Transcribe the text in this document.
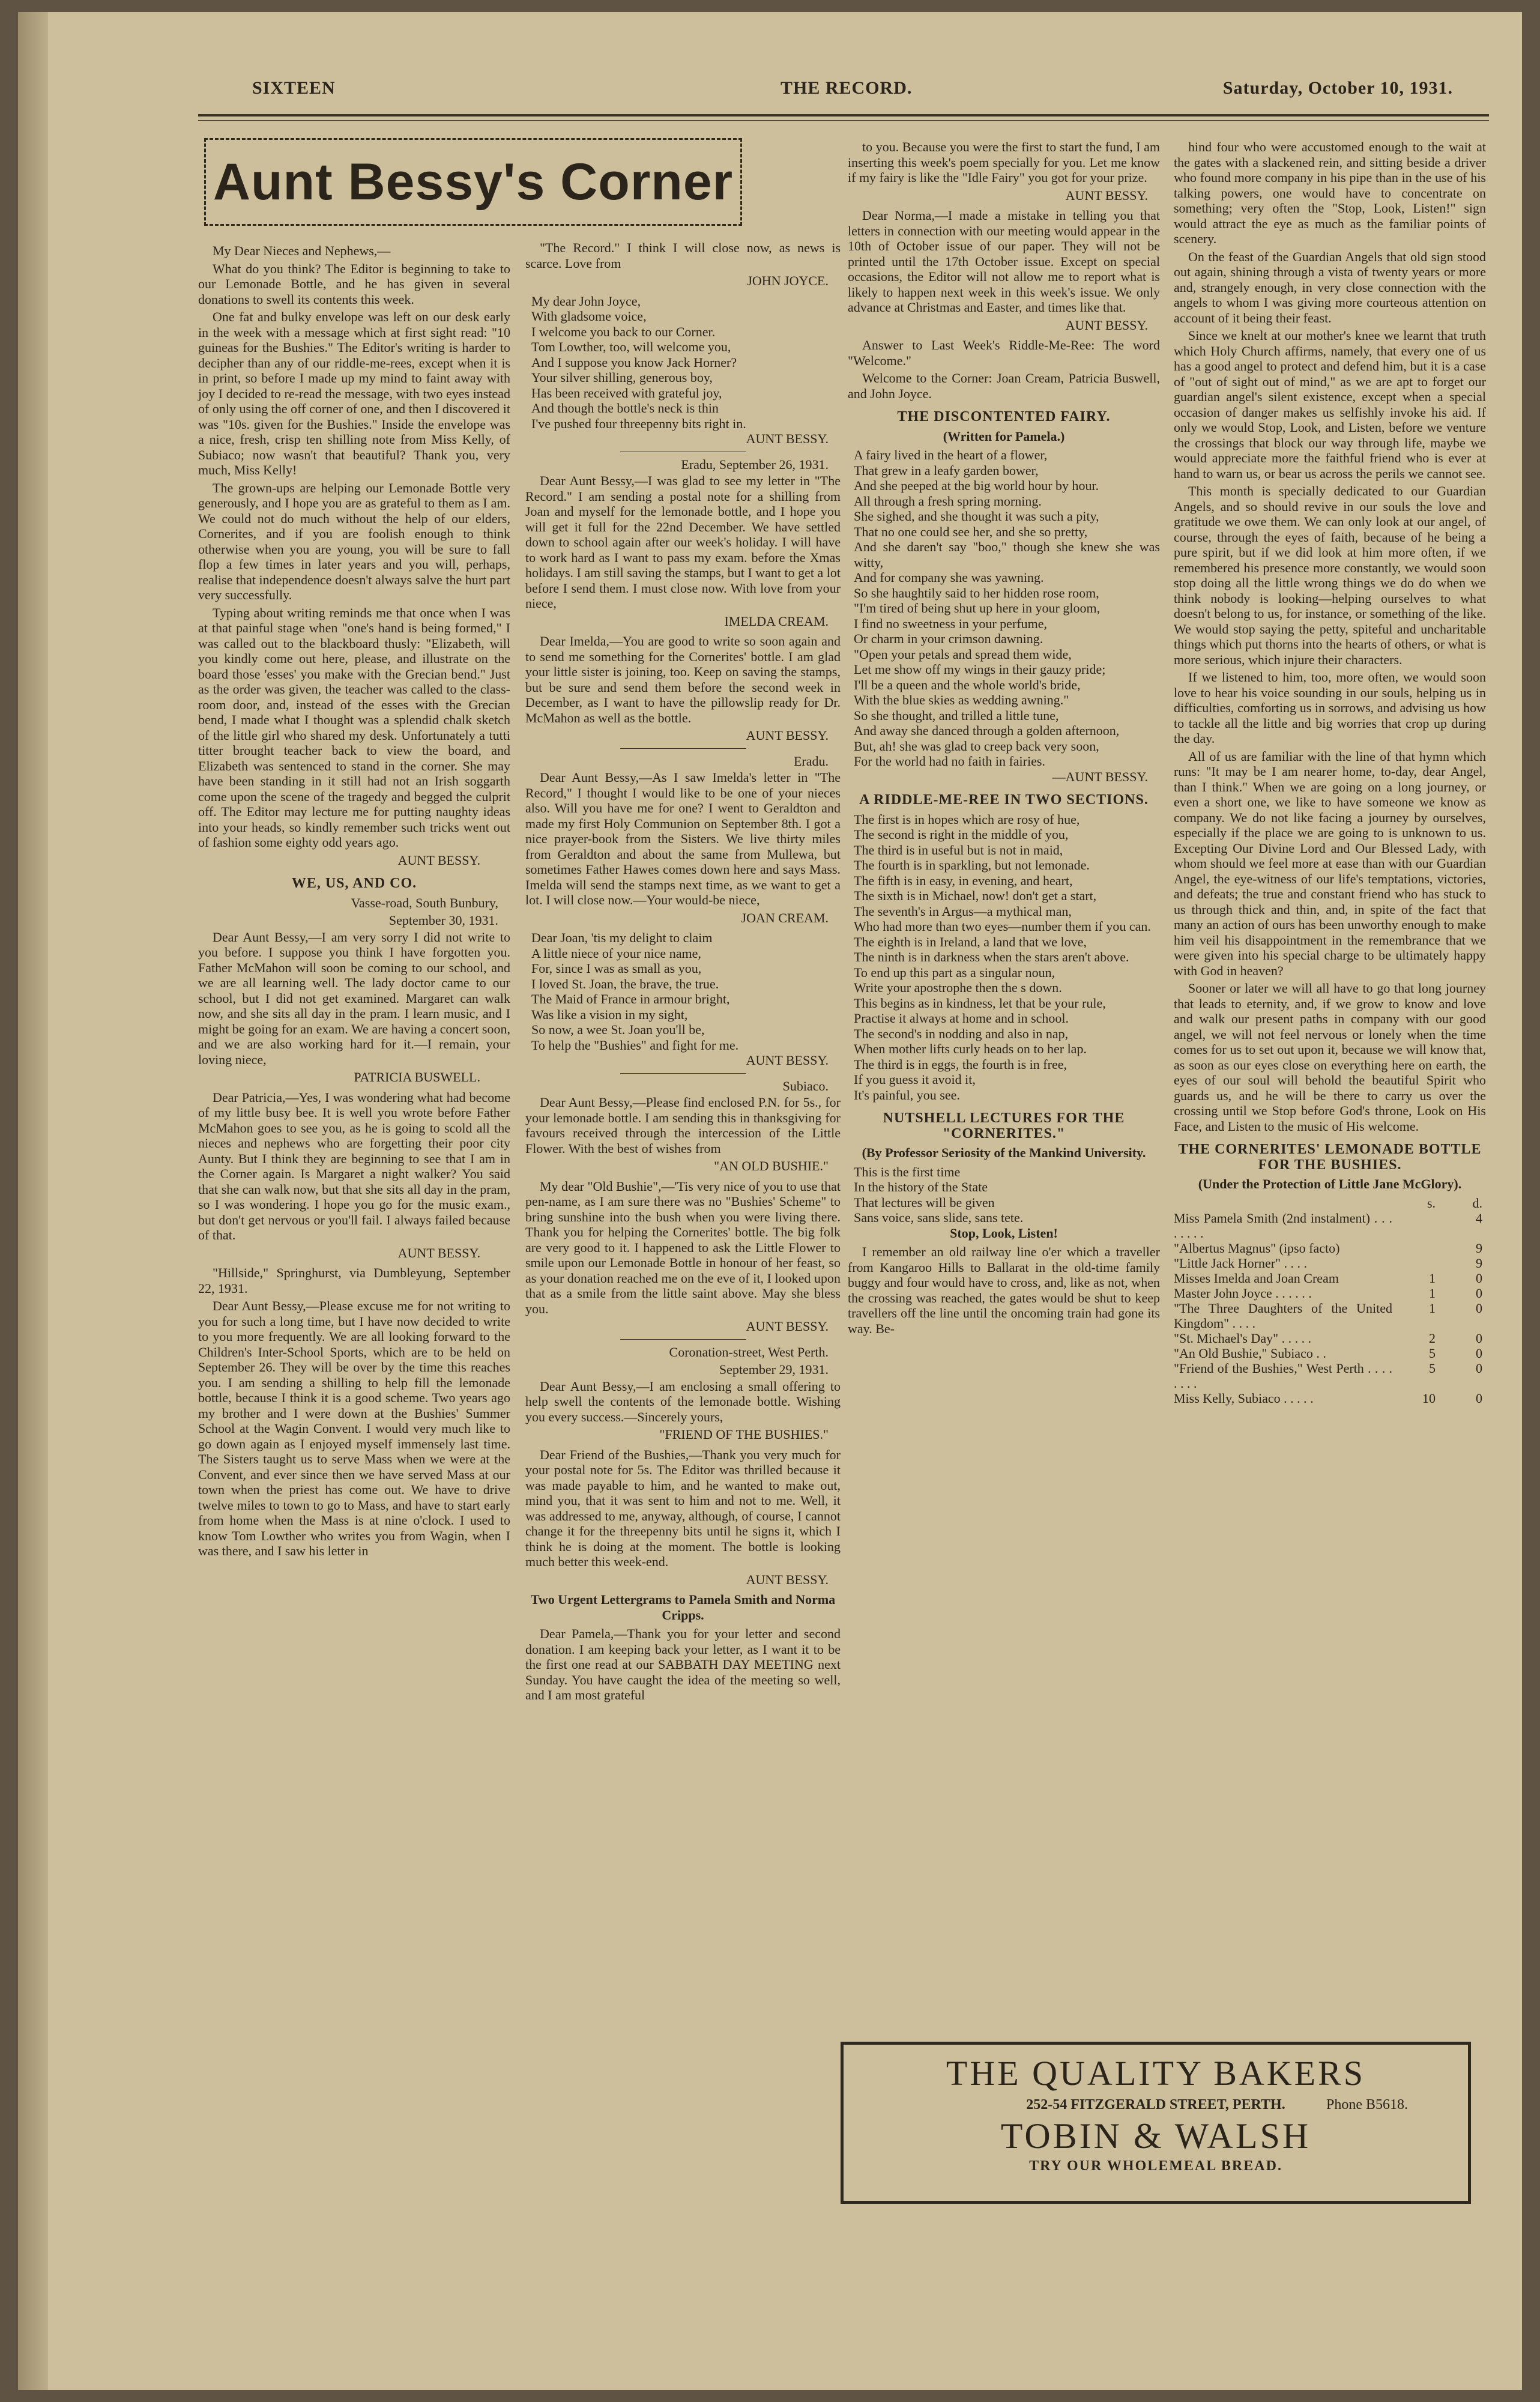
SIXTEEN	THE RECORD.	Saturday, October 10, 1931.
Aunt Bessy's Corner

My Dear Nieces and Nephews,—

What do you think? The Editor is beginning to take to our Lemonade Bottle, and he has given in several donations to swell its contents this week.

One fat and bulky envelope was left on our desk early in the week with a message which at first sight read: "10 guineas for the Bushies." The Editor's writing is harder to decipher than any of our riddle-me-rees, except when it is in print, so before I made up my mind to faint away with joy I decided to re-read the message, with two eyes instead of only using the off corner of one, and then I discovered it was "10s. given for the Bushies." Inside the envelope was a nice, fresh, crisp ten shilling note from Miss Kelly, of Subiaco; now wasn't that beautiful? Thank you, very much, Miss Kelly!

The grown-ups are helping our Lemonade Bottle very generously, and I hope you are as grateful to them as I am. We could not do much without the help of our elders, Cornerites, and if you are foolish enough to think otherwise when you are young, you will be sure to fall flop a few times in later years and you will, perhaps, realise that independence doesn't always salve the hurt part very successfully.

Typing about writing reminds me that once when I was at that painful stage when "one's hand is being formed," I was called out to the blackboard thusly: "Elizabeth, will you kindly come out here, please, and illustrate on the board those 'esses' you make with the Grecian bend." Just as the order was given, the teacher was called to the class-room door, and, instead of the esses with the Grecian bend, I made what I thought was a splendid chalk sketch of the little girl who shared my desk. Unfortunately a tutti titter brought teacher back to view the board, and Elizabeth was sentenced to stand in the corner. She may have been standing in it still had not an Irish soggarth come upon the scene of the tragedy and begged the culprit off. The Editor may lecture me for putting naughty ideas into your heads, so kindly remember such tricks went out of fashion some eighty odd years ago.

AUNT BESSY.

WE, US, AND CO.

Vasse-road, South Bunbury,

September 30, 1931.

Dear Aunt Bessy,—I am very sorry I did not write to you before. I suppose you think I have forgotten you. Father McMahon will soon be coming to our school, and we are all learning well. The lady doctor came to our school, but I did not get examined. Margaret can walk now, and she sits all day in the pram. I learn music, and I might be going for an exam. We are having a concert soon, and we are also working hard for it.—I remain, your loving niece,

PATRICIA BUSWELL.

Dear Patricia,—Yes, I was wondering what had become of my little busy bee. It is well you wrote before Father McMahon goes to see you, as he is going to scold all the nieces and nephews who are forgetting their poor city Aunty. But I think they are beginning to see that I am in the Corner again. Is Margaret a night walker? You said that she can walk now, but that she sits all day in the pram, so I was wondering. I hope you go for the music exam., but don't get nervous or you'll fail. I always failed because of that.

AUNT BESSY.

"Hillside," Springhurst, via Dumbleyung, September 22, 1931.

Dear Aunt Bessy,—Please excuse me for not writing to you for such a long time, but I have now decided to write to you more frequently. We are all looking forward to the Children's Inter-School Sports, which are to be held on September 26. They will be over by the time this reaches you. I am sending a shilling to help fill the lemonade bottle, because I think it is a good scheme. Two years ago my brother and I were down at the Bushies' Summer School at the Wagin Convent. I would very much like to go down again as I enjoyed myself immensely last time. The Sisters taught us to serve Mass when we were at the Convent, and ever since then we have served Mass at our town when the priest has come out. We have to drive twelve miles to town to go to Mass, and have to start early from home when the Mass is at nine o'clock. I used to know Tom Lowther who writes you from Wagin, when I was there, and I saw his letter in

"The Record." I think I will close now, as news is scarce. Love from

JOHN JOYCE.

My dear John Joyce,

With gladsome voice,

I welcome you back to our Corner.

Tom Lowther, too, will welcome you,

And I suppose you know Jack Horner?

Your silver shilling, generous boy,

Has been received with grateful joy,

And though the bottle's neck is thin

I've pushed four threepenny bits right in.

AUNT BESSY.

Eradu, September 26, 1931.

Dear Aunt Bessy,—I was glad to see my letter in "The Record." I am sending a postal note for a shilling from Joan and myself for the lemonade bottle, and I hope you will get it full for the 22nd December. We have settled down to school again after our week's holiday. I will have to work hard as I want to pass my exam. before the Xmas holidays. I am still saving the stamps, but I want to get a lot before I send them. I must close now. With love from your niece,

IMELDA CREAM.

Dear Imelda,—You are good to write so soon again and to send me something for the Cornerites' bottle. I am glad your little sister is joining, too. Keep on saving the stamps, but be sure and send them before the second week in December, as I want to have the pillowslip ready for Dr. McMahon as well as the bottle.

AUNT BESSY.

Eradu.

Dear Aunt Bessy,—As I saw Imelda's letter in "The Record," I thought I would like to be one of your nieces also. Will you have me for one? I went to Geraldton and made my first Holy Communion on September 8th. I got a nice prayer-book from the Sisters. We live thirty miles from Geraldton and about the same from Mullewa, but sometimes Father Hawes comes down here and says Mass. Imelda will send the stamps next time, as we want to get a lot. I will close now.—Your would-be niece,

JOAN CREAM.

Dear Joan, 'tis my delight to claim

A little niece of your nice name,

For, since I was as small as you,

I loved St. Joan, the brave, the true.

The Maid of France in armour bright,

Was like a vision in my sight,

So now, a wee St. Joan you'll be,

To help the "Bushies" and fight for me.

AUNT BESSY.

Subiaco.

Dear Aunt Bessy,—Please find enclosed P.N. for 5s., for your lemonade bottle. I am sending this in thanksgiving for favours received through the intercession of the Little Flower. With the best of wishes from

"AN OLD BUSHIE."

My dear "Old Bushie",—'Tis very nice of you to use that pen-name, as I am sure there was no "Bushies' Scheme" to bring sunshine into the bush when you were living there. Thank you for helping the Cornerites' bottle. The big folk are very good to it. I happened to ask the Little Flower to smile upon our Lemonade Bottle in honour of her feast, so as your donation reached me on the eve of it, I looked upon that as a smile from the little saint above. May she bless you.

AUNT BESSY.

Coronation-street, West Perth.

September 29, 1931.

Dear Aunt Bessy,—I am enclosing a small offering to help swell the contents of the lemonade bottle. Wishing you every success.—Sincerely yours,

"FRIEND OF THE BUSHIES."

Dear Friend of the Bushies,—Thank you very much for your postal note for 5s. The Editor was thrilled because it was made payable to him, and he wanted to make out, mind you, that it was sent to him and not to me. Well, it was addressed to me, anyway, although, of course, I cannot change it for the threepenny bits until he signs it, which I think he is doing at the moment. The bottle is looking much better this week-end.

AUNT BESSY.

Two Urgent Lettergrams to Pamela Smith and Norma Cripps.

Dear Pamela,—Thank you for your letter and second donation. I am keeping back your letter, as I want it to be the first one read at our SABBATH DAY MEETING next Sunday. You have caught the idea of the meeting so well, and I am most grateful

to you. Because you were the first to start the fund, I am inserting this week's poem specially for you. Let me know if my fairy is like the "Idle Fairy" you got for your prize.

AUNT BESSY.

Dear Norma,—I made a mistake in telling you that letters in connection with our meeting would appear in the 10th of October issue of our paper. They will not be printed until the 17th October issue. Except on special occasions, the Editor will not allow me to report what is likely to happen next week in this week's issue. We only advance at Christmas and Easter, and times like that.

AUNT BESSY.

Answer to Last Week's Riddle-Me-Ree: The word "Welcome."

Welcome to the Corner: Joan Cream, Patricia Buswell, and John Joyce.

THE DISCONTENTED FAIRY.

(Written for Pamela.)

A fairy lived in the heart of a flower,

That grew in a leafy garden bower,

And she peeped at the big world hour by hour.

All through a fresh spring morning.

She sighed, and she thought it was such a pity,

That no one could see her, and she so pretty,

And she daren't say "boo," though she knew she was witty,

And for company she was yawning.

So she haughtily said to her hidden rose room,

"I'm tired of being shut up here in your gloom,

I find no sweetness in your perfume,

Or charm in your crimson dawning.

"Open your petals and spread them wide,

Let me show off my wings in their gauzy pride;

I'll be a queen and the whole world's bride,

With the blue skies as wedding awning."

So she thought, and trilled a little tune,

And away she danced through a golden afternoon,

But, ah! she was glad to creep back very soon,

For the world had no faith in fairies.

—AUNT BESSY.

A RIDDLE-ME-REE IN TWO SECTIONS.

The first is in hopes which are rosy of hue,

The second is right in the middle of you,

The third is in useful but is not in maid,

The fourth is in sparkling, but not lemonade.

The fifth is in easy, in evening, and heart,

The sixth is in Michael, now! don't get a start,

The seventh's in Argus—a mythical man,

Who had more than two eyes—number them if you can.

The eighth is in Ireland, a land that we love,

The ninth is in darkness when the stars aren't above.

To end up this part as a singular noun,

Write your apostrophe then the s down.

This begins as in kindness, let that be your rule,

Practise it always at home and in school.

The second's in nodding and also in nap,

When mother lifts curly heads on to her lap.

The third is in eggs, the fourth is in free,

If you guess it avoid it,

It's painful, you see.

NUTSHELL LECTURES FOR THE "CORNERITES."

(By Professor Seriosity of the Mankind University.

This is the first time

In the history of the State

That lectures will be given

Sans voice, sans slide, sans tete.

Stop, Look, Listen!

I remember an old railway line o'er which a traveller from Kangaroo Hills to Ballarat in the old-time family buggy and four would have to cross, and, like as not, when the crossing was reached, the gates would be shut to keep travellers off the line until the oncoming train had gone its way. Be-

hind four who were accustomed enough to the wait at the gates with a slackened rein, and sitting beside a driver who found more company in his pipe than in the use of his talking powers, one would have to concentrate on something; very often the "Stop, Look, Listen!" sign would attract the eye as much as the familiar points of scenery.

On the feast of the Guardian Angels that old sign stood out again, shining through a vista of twenty years or more and, strangely enough, in very close connection with the angels to whom I was giving more courteous attention on account of it being their feast.

Since we knelt at our mother's knee we learnt that truth which Holy Church affirms, namely, that every one of us has a good angel to protect and defend him, but it is a case of "out of sight out of mind," as we are apt to forget our guardian angel's silent existence, except when a special occasion of danger makes us selfishly invoke his aid. If only we would Stop, Look, and Listen, before we venture the crossings that block our way through life, maybe we would appreciate more the faithful friend who is ever at hand to warn us, or bear us across the perils we cannot see.

This month is specially dedicated to our Guardian Angels, and so should revive in our souls the love and gratitude we owe them. We can only look at our angel, of course, through the eyes of faith, because of he being a pure spirit, but if we did look at him more often, if we remembered his presence more constantly, we would soon stop doing all the little wrong things we do do when we think nobody is looking—helping ourselves to what doesn't belong to us, for instance, or something of the like. We would stop saying the petty, spiteful and uncharitable things which put thorns into the hearts of others, or what is more serious, which injure their characters.

If we listened to him, too, more often, we would soon love to hear his voice sounding in our souls, helping us in difficulties, comforting us in sorrows, and advising us how to tackle all the little and big worries that crop up during the day.

All of us are familiar with the line of that hymn which runs: "It may be I am nearer home, to-day, dear Angel, than I think." When we are going on a long journey, or even a short one, we like to have someone we know as company. We do not like facing a journey by ourselves, especially if the place we are going to is unknown to us. Excepting Our Divine Lord and Our Blessed Lady, with whom should we feel more at ease than with our Guardian Angel, the eye-witness of our life's temptations, victories, and defeats; the true and constant friend who has stuck to us through thick and thin, and, in spite of the fact that many an action of ours has been unworthy enough to make him veil his disappointment in the remembrance that we were given into his special charge to be ultimately happy with God in heaven?

Sooner or later we will all have to go that long journey that leads to eternity, and, if we grow to know and love and walk our present paths in company with our good angel, we will not feel nervous or lonely when the time comes for us to set out upon it, because we will know that, as soon as our eyes close on everything here on earth, the eyes of our soul will behold the beautiful Spirit who guards us, and he will be there to carry us over the crossing until we Stop before God's throne, Look on His Face, and Listen to the music of His welcome.

THE CORNERITES' LEMONADE BOTTLE FOR THE BUSHIES.

(Under the Protection of Little Jane McGlory).

	s.	d.
Miss Pamela Smith (2nd instalment) . . . . . . . .		4
"Albertus Magnus" (ipso facto)		9
"Little Jack Horner" . . . .		9
Misses Imelda and Joan Cream	1	0
Master John Joyce . . . . . .	1	0
"The Three Daughters of the United Kingdom" . . . .	1	0
"St. Michael's Day" . . . . .	2	0
"An Old Bushie," Subiaco . .	5	0
"Friend of the Bushies," West Perth . . . . . . . .	5	0
Miss Kelly, Subiaco . . . . .	10	0
THE QUALITY BAKERS
252-54 FITZGERALD STREET, PERTH.	Phone B5618.
TOBIN & WALSH
TRY OUR WHOLEMEAL BREAD.
